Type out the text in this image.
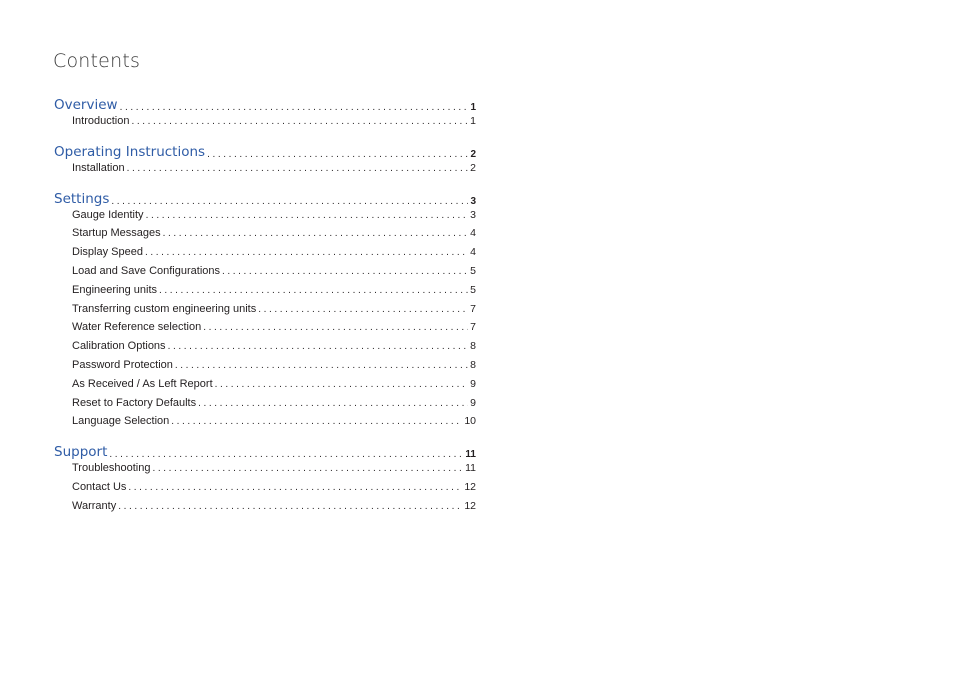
Contents
Overview .....	1
Introduction .....	1
Operating Instructions .....	2
Installation .....	2
Settings .....	3
Gauge Identity .....	3
Startup Messages .....	4
Display Speed .....	4
Load and Save Configurations .....	5
Engineering units .....	5
Transferring custom engineering units .....	7
Water Reference selection .....	7
Calibration Options .....	8
Password Protection .....	8
As Received / As Left Report .....	9
Reset to Factory Defaults .....	9
Language Selection .....	10
Support .....	11
Troubleshooting .....	11
Contact Us .....	12
Warranty .....	12
